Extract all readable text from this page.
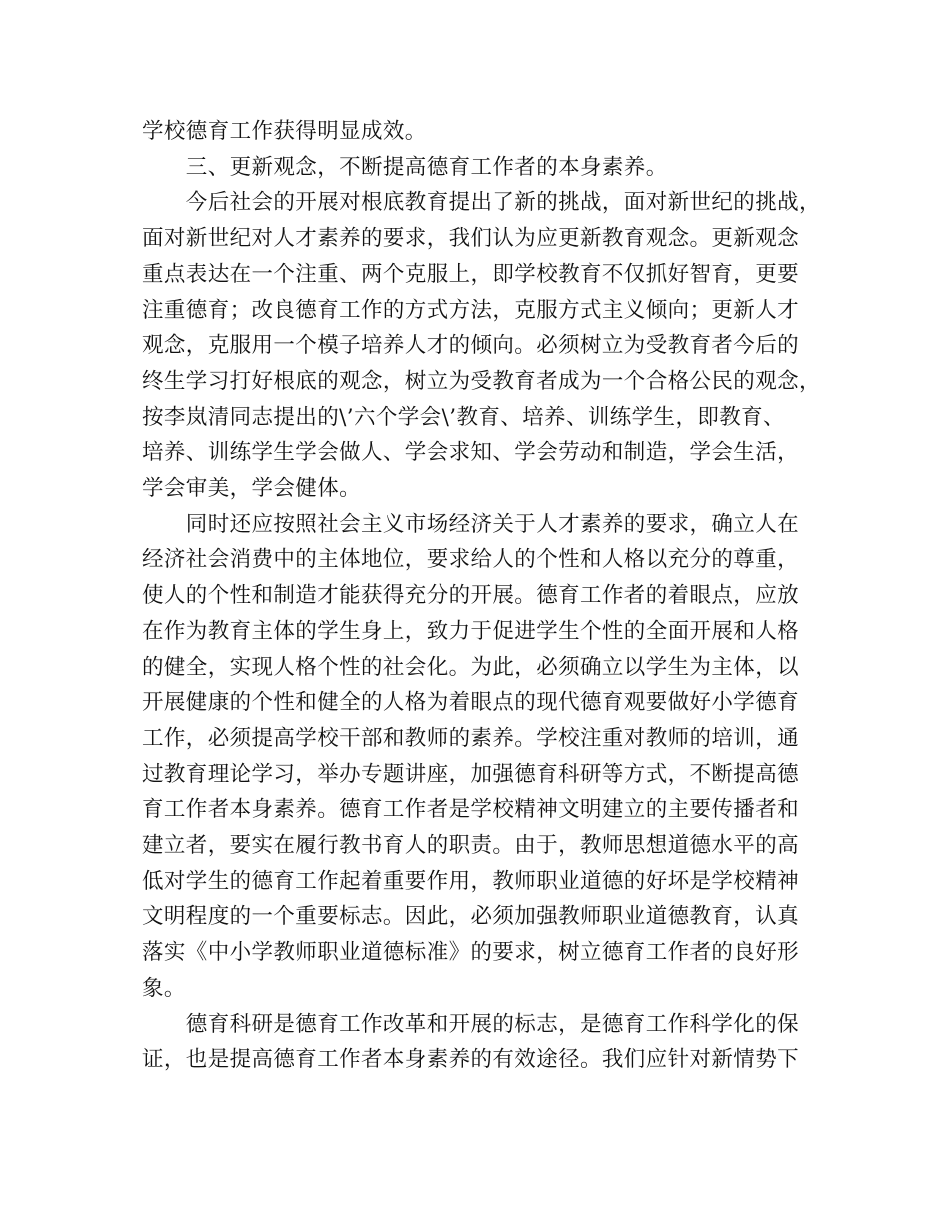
学校德育工作获得明显成效。

　　三、更新观念，不断提高德育工作者的本身素养。

　　今后社会的开展对根底教育提出了新的挑战，面对新世纪的挑战，

面对新世纪对人才素养的要求，我们认为应更新教育观念。更新观念

重点表达在一个注重、两个克服上，即学校教育不仅抓好智育，更要

注重德育；改良德育工作的方式方法，克服方式主义倾向；更新人才

观念，克服用一个模子培养人才的倾向。必须树立为受教育者今后的

终生学习打好根底的观念，树立为受教育者成为一个合格公民的观念，

按李岚清同志提出的\’六个学会\’教育、培养、训练学生，即教育、

培养、训练学生学会做人、学会求知、学会劳动和制造，学会生活，

学会审美，学会健体。

　　同时还应按照社会主义市场经济关于人才素养的要求，确立人在

经济社会消费中的主体地位，要求给人的个性和人格以充分的尊重，

使人的个性和制造才能获得充分的开展。德育工作者的着眼点，应放

在作为教育主体的学生身上，致力于促进学生个性的全面开展和人格

的健全，实现人格个性的社会化。为此，必须确立以学生为主体，以

开展健康的个性和健全的人格为着眼点的现代德育观要做好小学德育

工作，必须提高学校干部和教师的素养。学校注重对教师的培训，通

过教育理论学习，举办专题讲座，加强德育科研等方式，不断提高德

育工作者本身素养。德育工作者是学校精神文明建立的主要传播者和

建立者，要实在履行教书育人的职责。由于，教师思想道德水平的高

低对学生的德育工作起着重要作用，教师职业道德的好坏是学校精神

文明程度的一个重要标志。因此，必须加强教师职业道德教育，认真

落实《中小学教师职业道德标准》的要求，树立德育工作者的良好形

象。

　　德育科研是德育工作改革和开展的标志，是德育工作科学化的保

证，也是提高德育工作者本身素养的有效途径。我们应针对新情势下
